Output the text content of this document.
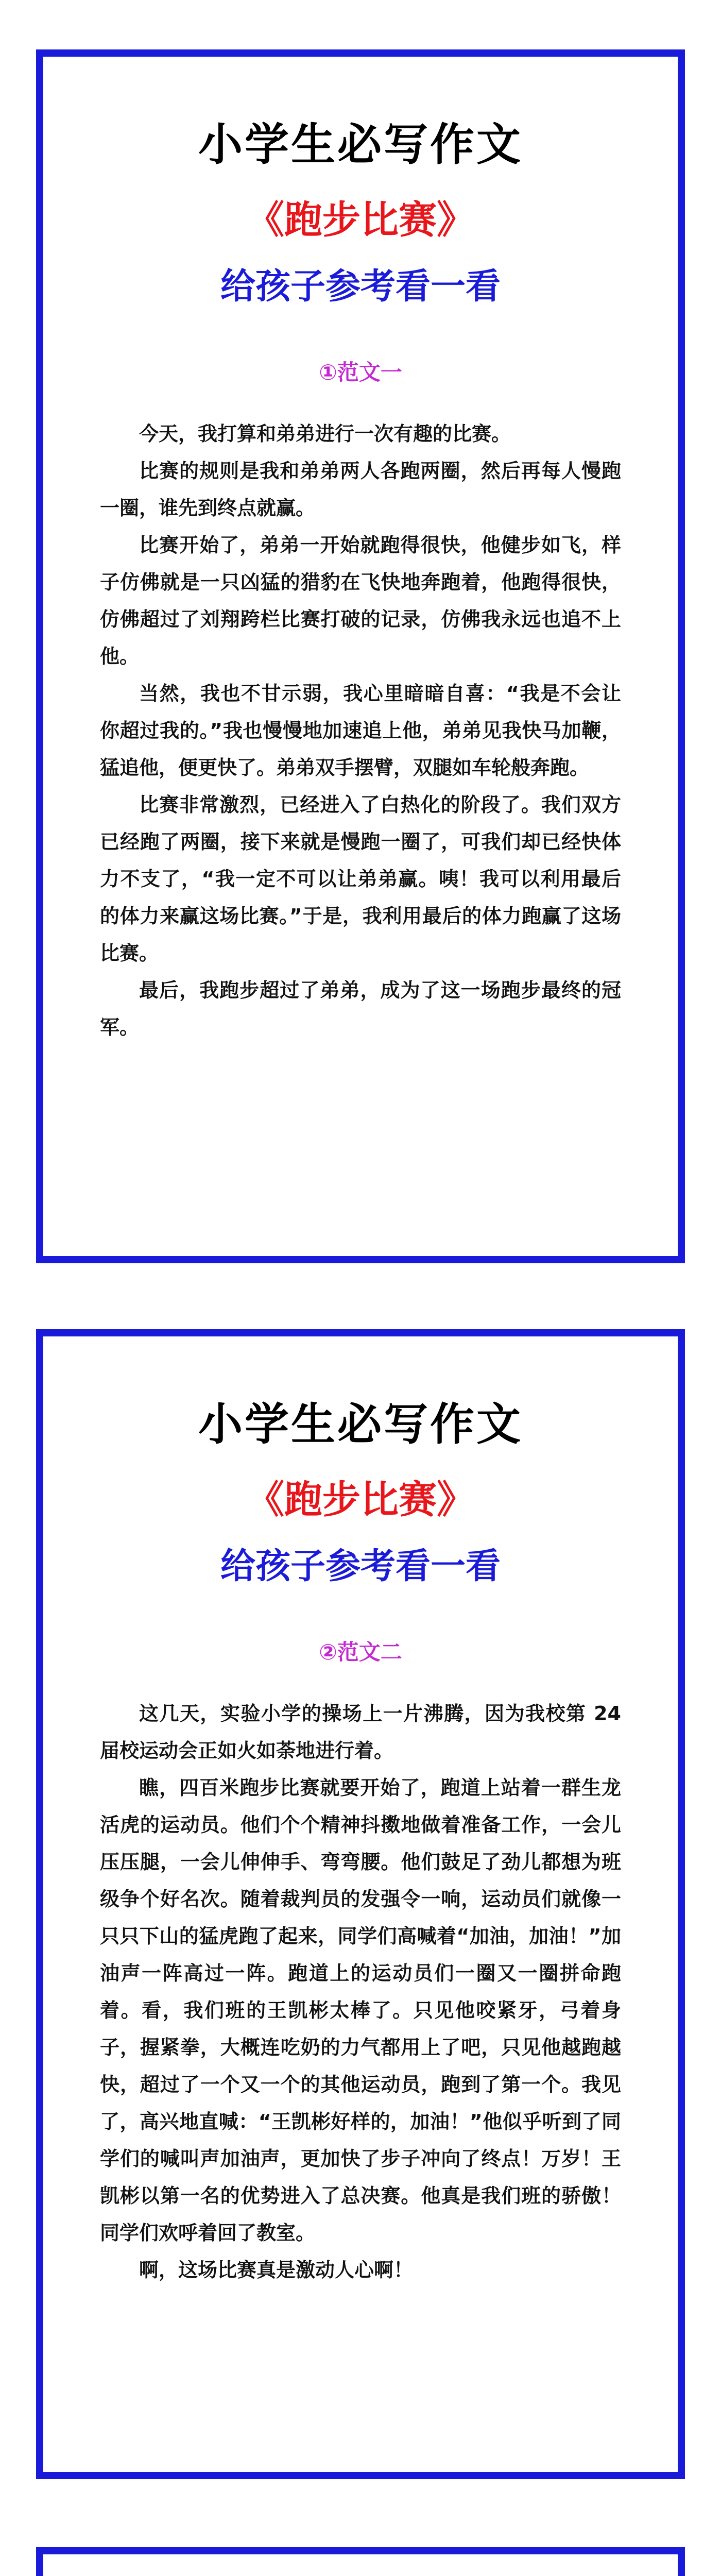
小学生必写作文
《跑步比赛》
给孩子参考看一看
①范文一

今天，我打算和弟弟进行一次有趣的比赛。

比赛的规则是我和弟弟两人各跑两圈，然后再每人慢跑一圈，谁先到终点就赢。

比赛开始了，弟弟一开始就跑得很快，他健步如飞，样子仿佛就是一只凶猛的猎豹在飞快地奔跑着，他跑得很快，仿佛超过了刘翔跨栏比赛打破的记录，仿佛我永远也追不上他。

当然，我也不甘示弱，我心里暗暗自喜：“我是不会让你超过我的。”我也慢慢地加速追上他，弟弟见我快马加鞭，猛追他，便更快了。弟弟双手摆臂，双腿如车轮般奔跑。

比赛非常激烈，已经进入了白热化的阶段了。我们双方已经跑了两圈，接下来就是慢跑一圈了，可我们却已经快体力不支了，“我一定不可以让弟弟赢。咦！我可以利用最后的体力来赢这场比赛。”于是，我利用最后的体力跑赢了这场比赛。

最后，我跑步超过了弟弟，成为了这一场跑步最终的冠军。

小学生必写作文
《跑步比赛》
给孩子参考看一看
②范文二

这几天，实验小学的操场上一片沸腾，因为我校第 24 届校运动会正如火如荼地进行着。

瞧，四百米跑步比赛就要开始了，跑道上站着一群生龙活虎的运动员。他们个个精神抖擞地做着准备工作，一会儿压压腿，一会儿伸伸手、弯弯腰。他们鼓足了劲儿都想为班级争个好名次。随着裁判员的发强令一响，运动员们就像一只只下山的猛虎跑了起来，同学们高喊着“加油，加油！”加油声一阵高过一阵。跑道上的运动员们一圈又一圈拼命跑着。看，我们班的王凯彬太棒了。只见他咬紧牙，弓着身子，握紧拳，大概连吃奶的力气都用上了吧，只见他越跑越快，超过了一个又一个的其他运动员，跑到了第一个。我见了，高兴地直喊：“王凯彬好样的，加油！”他似乎听到了同学们的喊叫声加油声，更加快了步子冲向了终点！万岁！王凯彬以第一名的优势进入了总决赛。他真是我们班的骄傲！同学们欢呼着回了教室。

啊，这场比赛真是激动人心啊！
